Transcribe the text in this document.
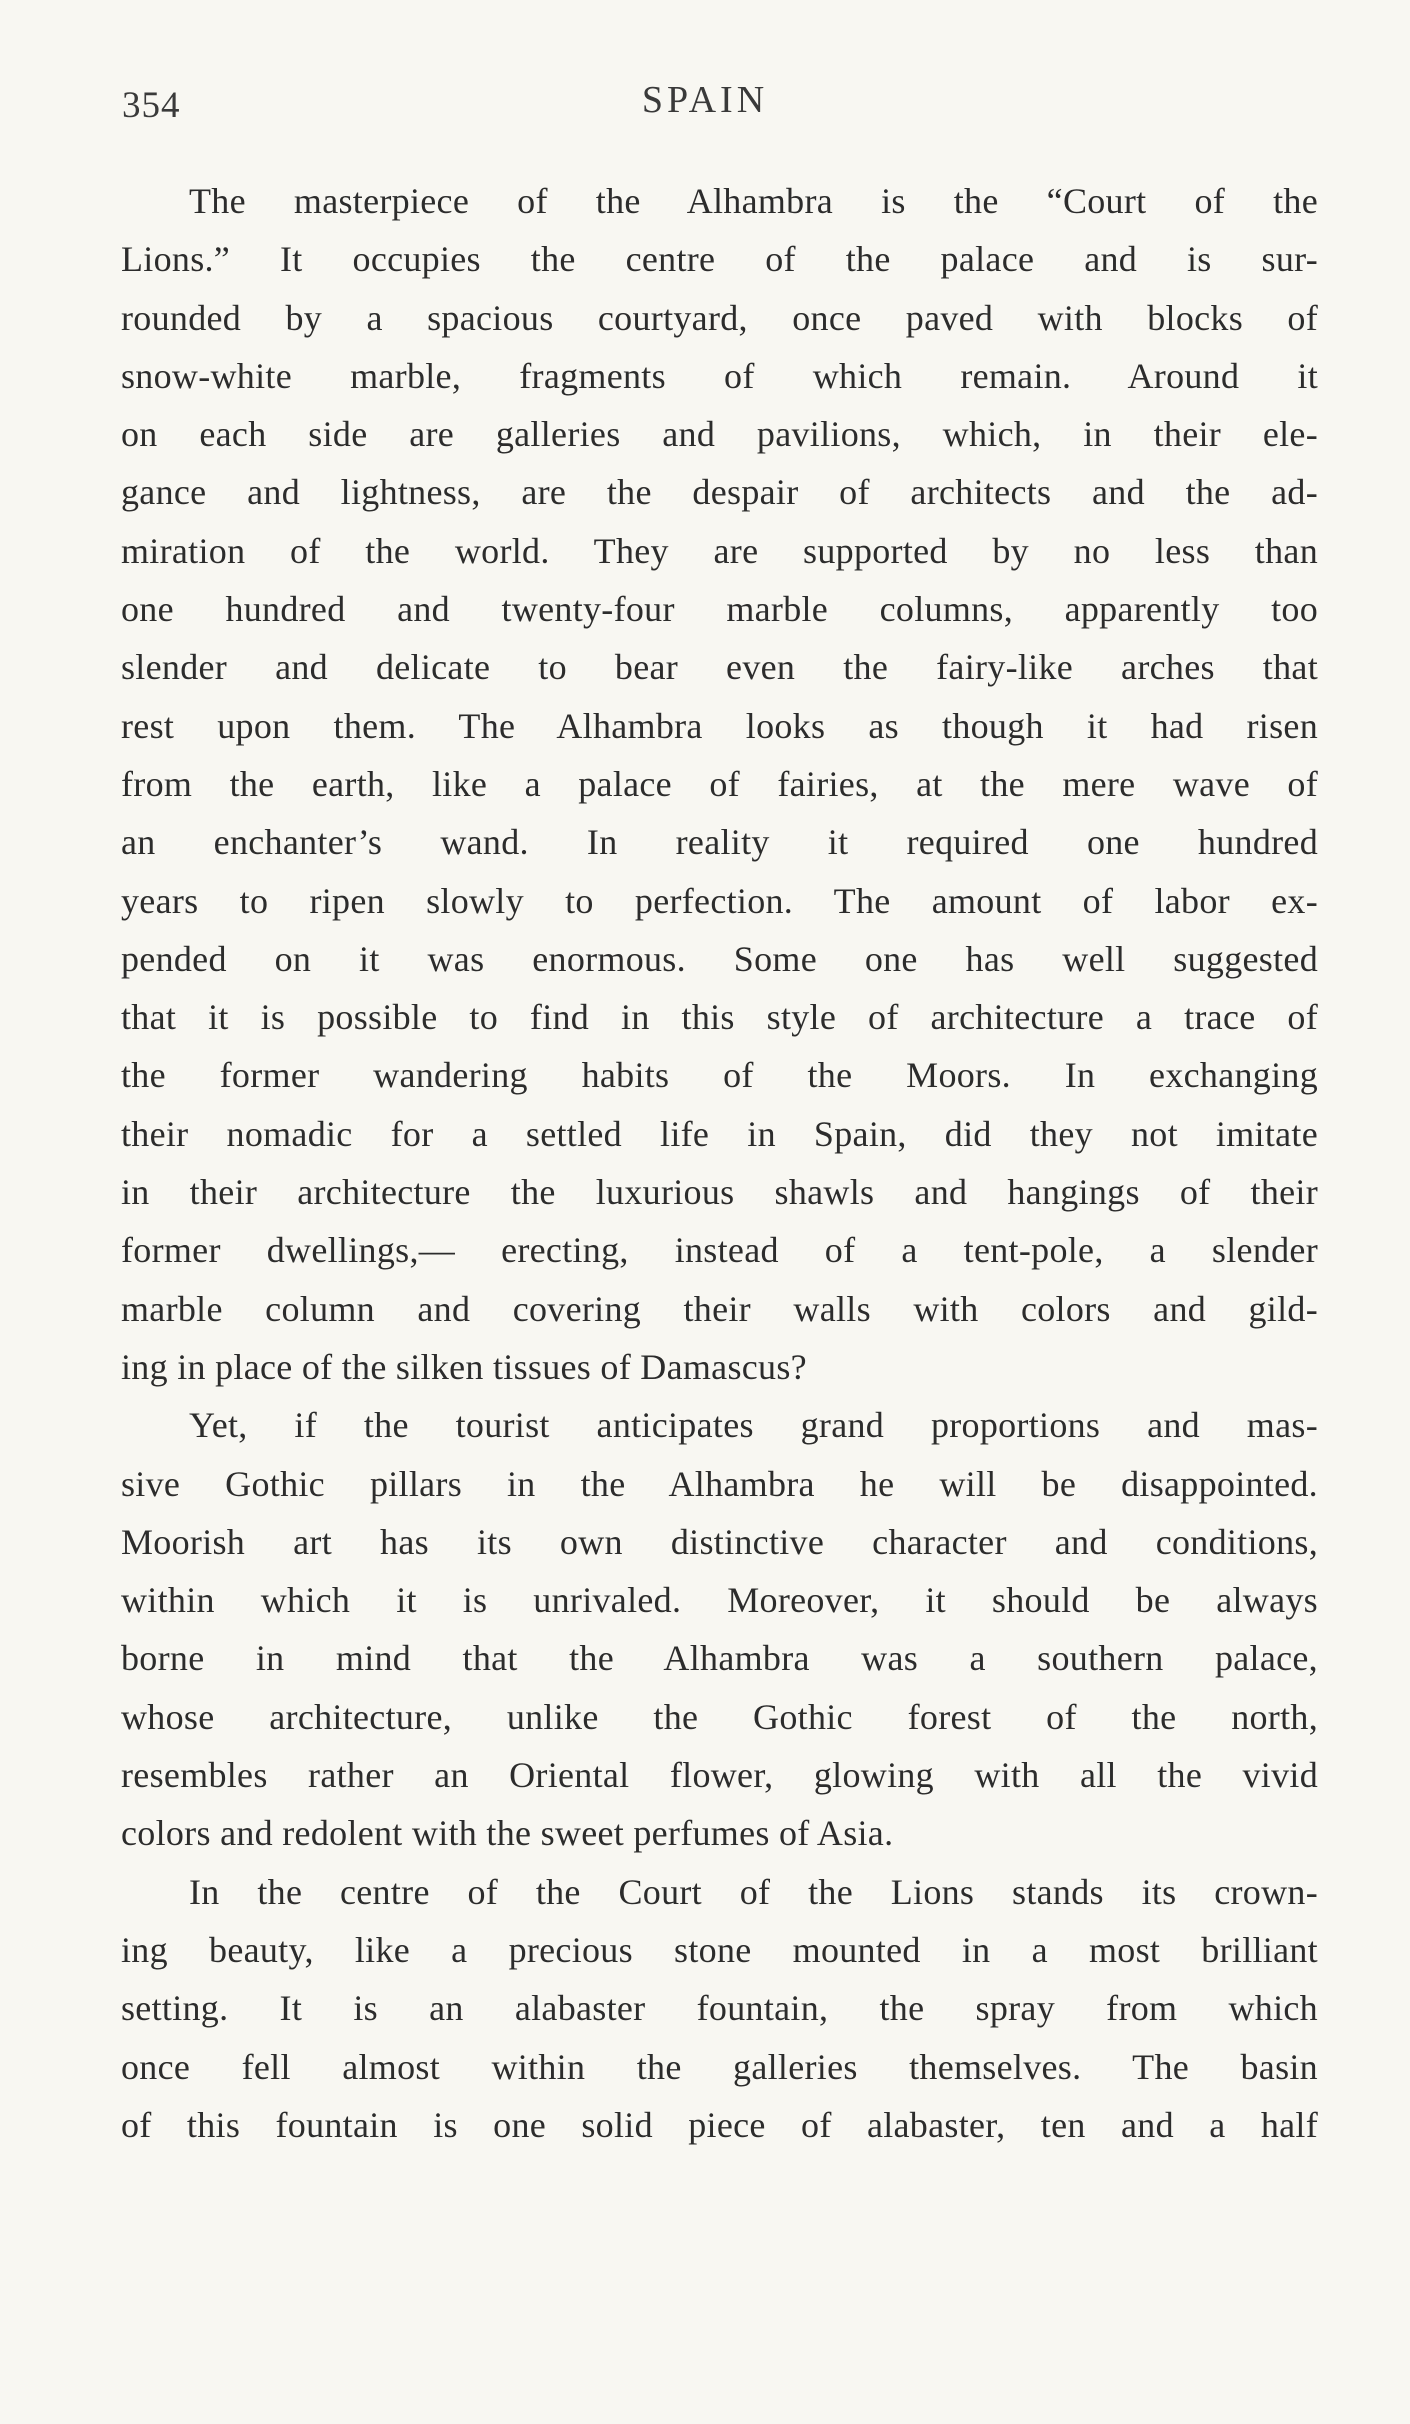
354	SPAIN
The masterpiece of the Alhambra is the “Court of the
Lions.” It occupies the centre of the palace and is sur-
rounded by a spacious courtyard, once paved with blocks of
snow-white marble, fragments of which remain. Around it
on each side are galleries and pavilions, which, in their ele-
gance and lightness, are the despair of architects and the ad-
miration of the world. They are supported by no less than
one hundred and twenty-four marble columns, apparently too
slender and delicate to bear even the fairy-like arches that
rest upon them. The Alhambra looks as though it had risen
from the earth, like a palace of fairies, at the mere wave of
an enchanter’s wand. In reality it required one hundred
years to ripen slowly to perfection. The amount of labor ex-
pended on it was enormous. Some one has well suggested
that it is possible to find in this style of architecture a trace of
the former wandering habits of the Moors. In exchanging
their nomadic for a settled life in Spain, did they not imitate
in their architecture the luxurious shawls and hangings of their
former dwellings,— erecting, instead of a tent-pole, a slender
marble column and covering their walls with colors and gild-
ing in place of the silken tissues of Damascus?
Yet, if the tourist anticipates grand proportions and mas-
sive Gothic pillars in the Alhambra he will be disappointed.
Moorish art has its own distinctive character and conditions,
within which it is unrivaled. Moreover, it should be always
borne in mind that the Alhambra was a southern palace,
whose architecture, unlike the Gothic forest of the north,
resembles rather an Oriental flower, glowing with all the vivid
colors and redolent with the sweet perfumes of Asia.
In the centre of the Court of the Lions stands its crown-
ing beauty, like a precious stone mounted in a most brilliant
setting. It is an alabaster fountain, the spray from which
once fell almost within the galleries themselves. The basin
of this fountain is one solid piece of alabaster, ten and a half
